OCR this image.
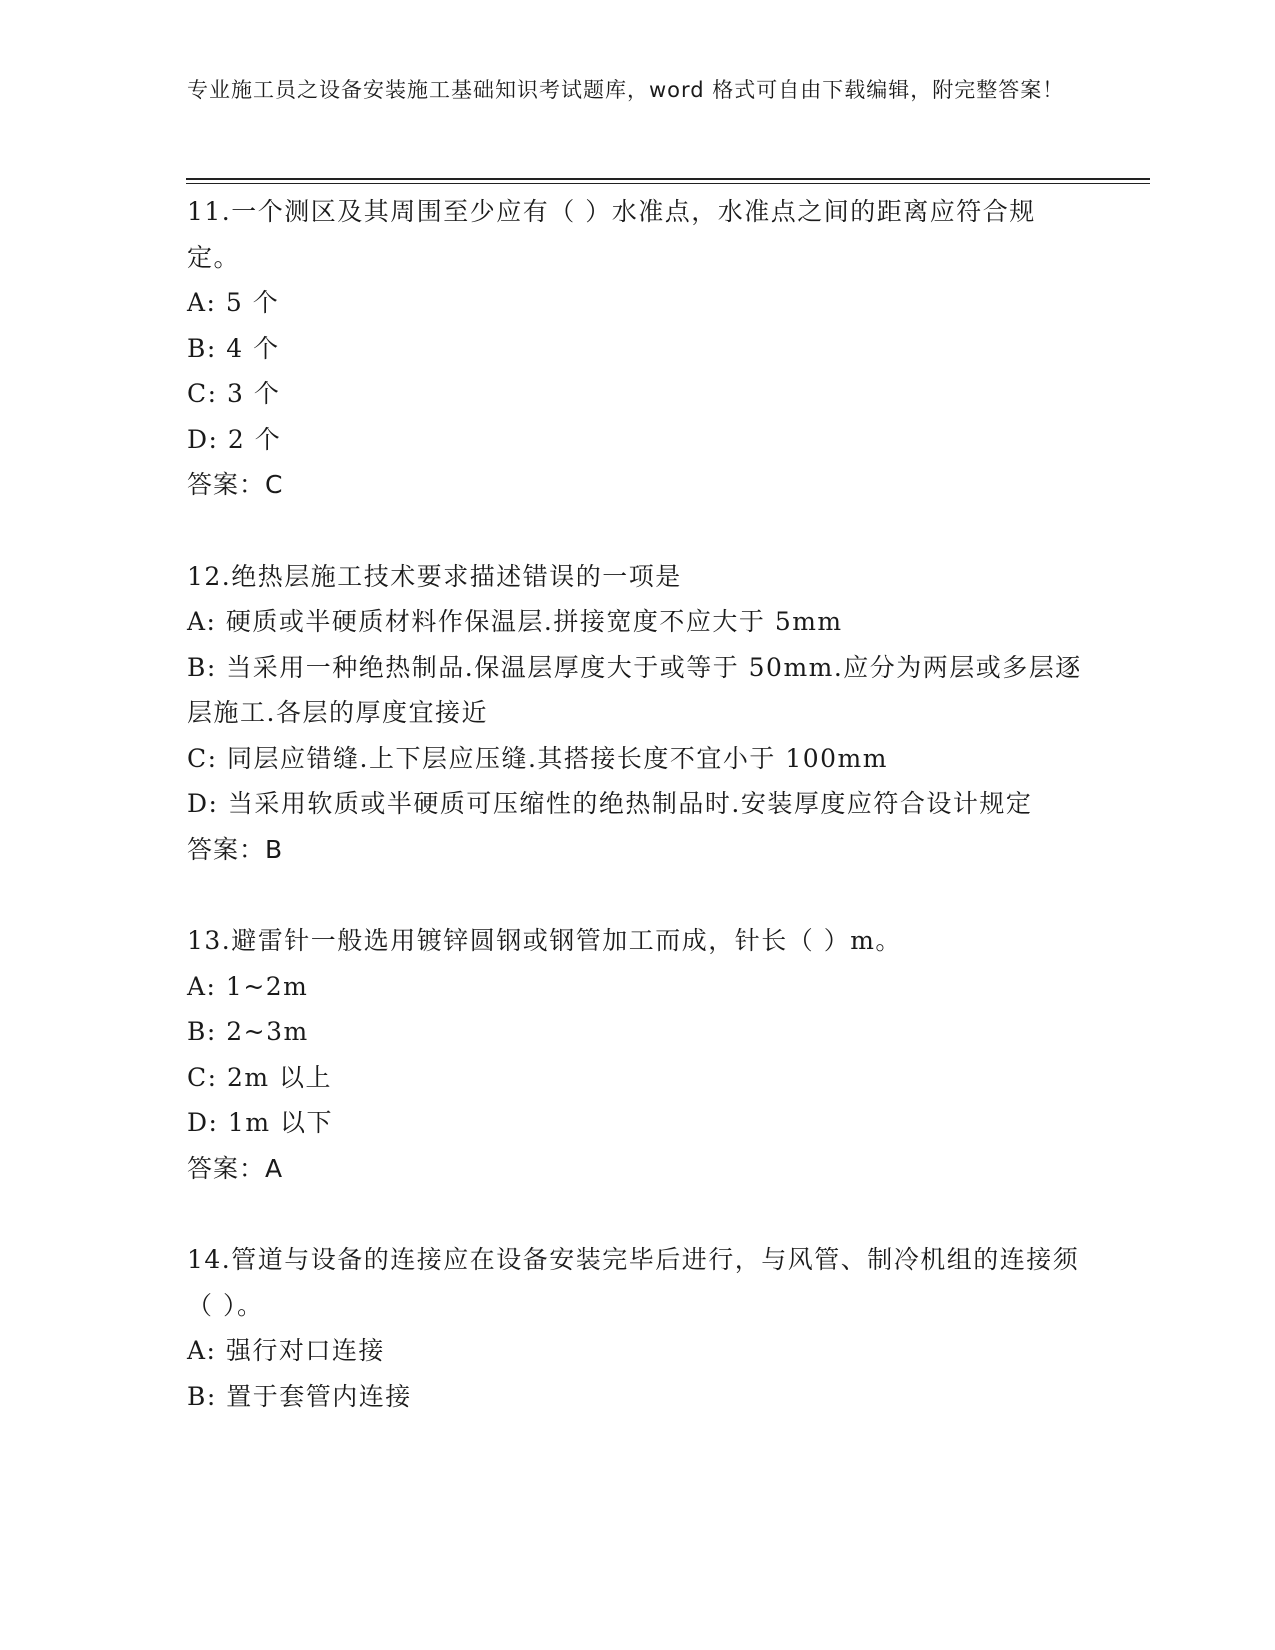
专业施工员之设备安装施工基础知识考试题库，word 格式可自由下载编辑，附完整答案！

11.一个测区及其周围至少应有（ ）水准点，水准点之间的距离应符合规定。

A: 5 个

B: 4 个

C: 3 个

D: 2 个

答案：C

12.绝热层施工技术要求描述错误的一项是

A: 硬质或半硬质材料作保温层.拼接宽度不应大于 5mm

B: 当采用一种绝热制品.保温层厚度大于或等于 50mm.应分为两层或多层逐层施工.各层的厚度宜接近

C: 同层应错缝.上下层应压缝.其搭接长度不宜小于 100mm

D: 当采用软质或半硬质可压缩性的绝热制品时.安装厚度应符合设计规定

答案：B

13.避雷针一般选用镀锌圆钢或钢管加工而成，针长（ ）m。

A: 1~2m

B: 2~3m

C: 2m 以上

D: 1m 以下

答案：A

14.管道与设备的连接应在设备安装完毕后进行，与风管、制冷机组的连接须（ ）。

A: 强行对口连接

B: 置于套管内连接
